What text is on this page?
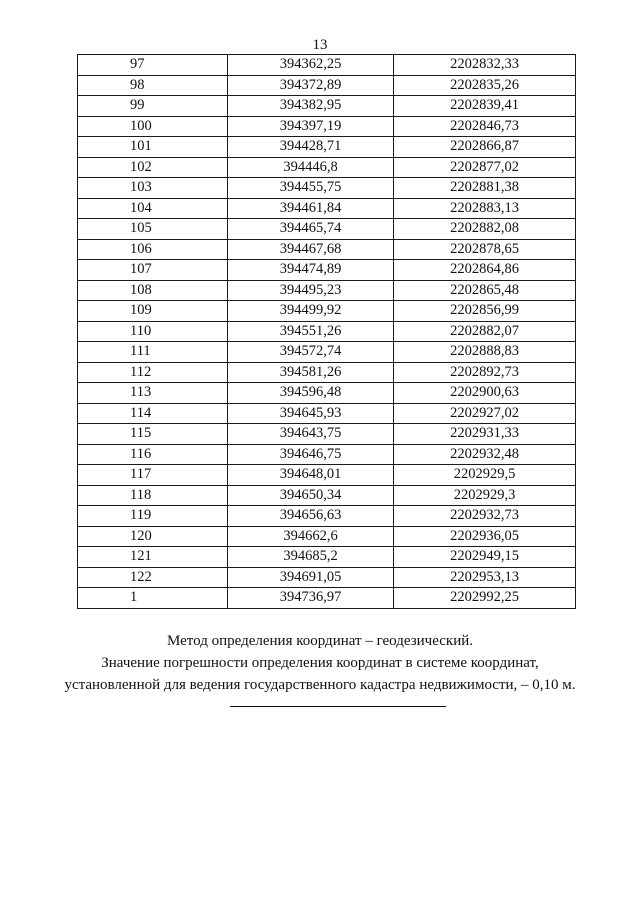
13
97	394362,25	2202832,33
98	394372,89	2202835,26
99	394382,95	2202839,41
100	394397,19	2202846,73
101	394428,71	2202866,87
102	394446,8	2202877,02
103	394455,75	2202881,38
104	394461,84	2202883,13
105	394465,74	2202882,08
106	394467,68	2202878,65
107	394474,89	2202864,86
108	394495,23	2202865,48
109	394499,92	2202856,99
110	394551,26	2202882,07
111	394572,74	2202888,83
112	394581,26	2202892,73
113	394596,48	2202900,63
114	394645,93	2202927,02
115	394643,75	2202931,33
116	394646,75	2202932,48
117	394648,01	2202929,5
118	394650,34	2202929,3
119	394656,63	2202932,73
120	394662,6	2202936,05
121	394685,2	2202949,15
122	394691,05	2202953,13
1	394736,97	2202992,25

Метод определения координат – геодезический.

Значение погрешности определения координат в системе координат,

установленной для ведения государственного кадастра недвижимости, – 0,10 м.
